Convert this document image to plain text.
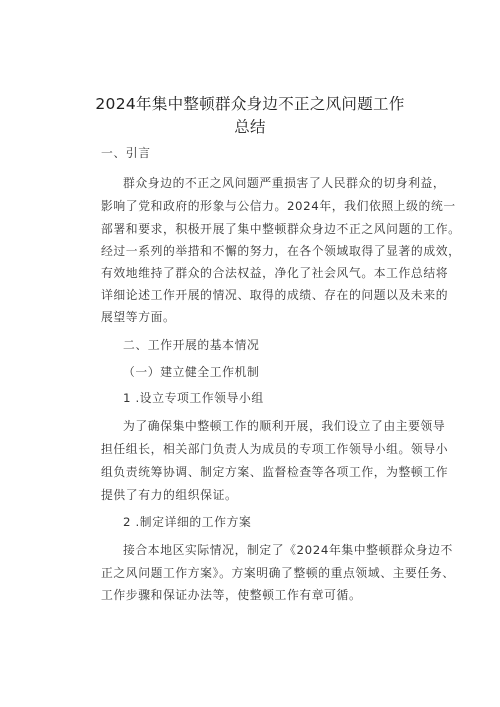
2024年集中整顿群众身边不正之风问题工作
总结
一、引言
群众身边的不正之风问题严重损害了人民群众的切身利益，
影响了党和政府的形象与公信力。2024年，我们依照上级的统一
部署和要求，积极开展了集中整顿群众身边不正之风问题的工作。
经过一系列的举措和不懈的努力，在各个领域取得了显著的成效，
有效地维持了群众的合法权益，净化了社会风气。本工作总结将
详细论述工作开展的情况、取得的成绩、存在的问题以及未来的
展望等方面。
二、工作开展的基本情况
（一）建立健全工作机制
1 .设立专项工作领导小组
为了确保集中整顿工作的顺利开展，我们设立了由主要领导
担任组长，相关部门负责人为成员的专项工作领导小组。领导小
组负责统筹协调、制定方案、监督检查等各项工作，为整顿工作
提供了有力的组织保证。
2 .制定详细的工作方案
接合本地区实际情况，制定了《2024年集中整顿群众身边不
正之风问题工作方案》。方案明确了整顿的重点领域、主要任务、
工作步骤和保证办法等，使整顿工作有章可循。
